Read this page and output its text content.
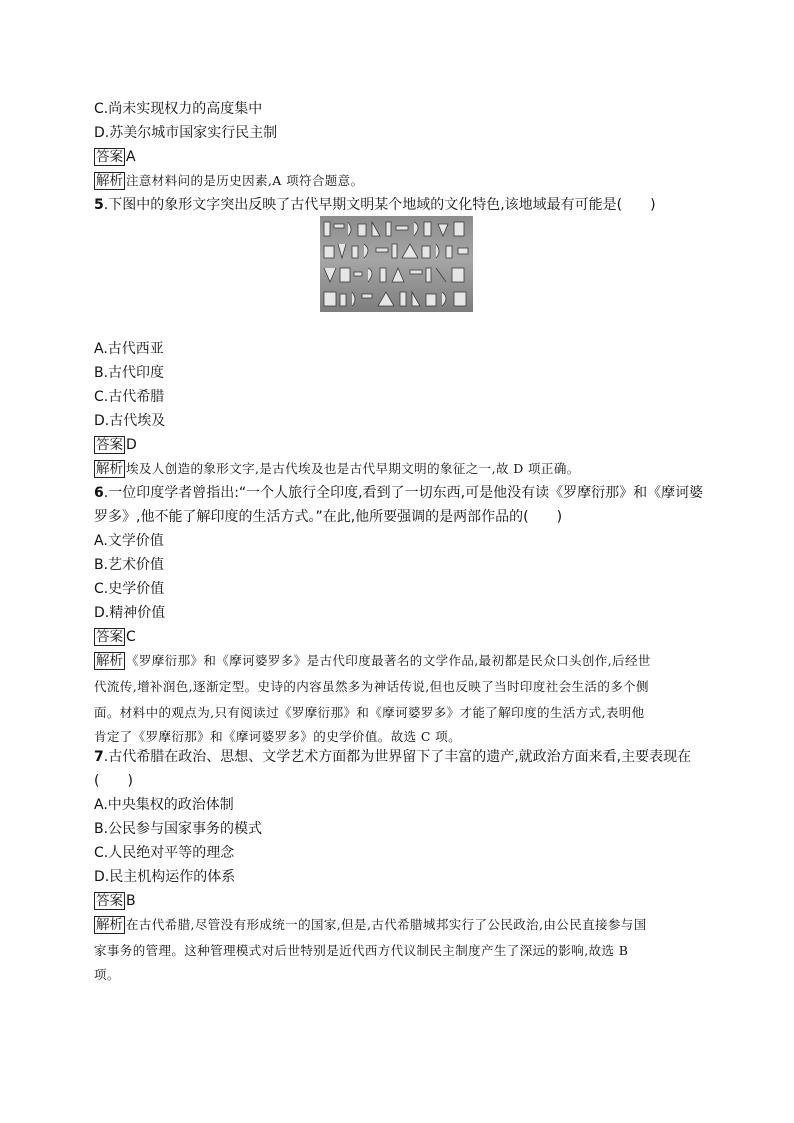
C.尚未实现权力的高度集中
D.苏美尔城市国家实行民主制
答案 A
解析 注意材料问的是历史因素,A 项符合题意。
5.下图中的象形文字突出反映了古代早期文明某个地域的文化特色,该地域最有可能是(　　)
A.古代西亚
B.古代印度
C.古代希腊
D.古代埃及
答案 D
解析 埃及人创造的象形文字,是古代埃及也是古代早期文明的象征之一,故 D 项正确。
6.一位印度学者曾指出:“一个人旅行全印度,看到了一切东西,可是他没有读《罗摩衍那》和《摩诃婆
罗多》,他不能了解印度的生活方式。”在此,他所要强调的是两部作品的(　　)
A.文学价值
B.艺术价值
C.史学价值
D.精神价值
答案 C
解析 《罗摩衍那》和《摩诃婆罗多》是古代印度最著名的文学作品,最初都是民众口头创作,后经世
代流传,增补润色,逐渐定型。史诗的内容虽然多为神话传说,但也反映了当时印度社会生活的多个侧
面。材料中的观点为,只有阅读过《罗摩衍那》和《摩诃婆罗多》才能了解印度的生活方式,表明他
肯定了《罗摩衍那》和《摩诃婆罗多》的史学价值。故选 C 项。
7.古代希腊在政治、思想、文学艺术方面都为世界留下了丰富的遗产,就政治方面来看,主要表现在
(　　)
A.中央集权的政治体制
B.公民参与国家事务的模式
C.人民绝对平等的理念
D.民主机构运作的体系
答案 B
解析 在古代希腊,尽管没有形成统一的国家,但是,古代希腊城邦实行了公民政治,由公民直接参与国
家事务的管理。这种管理模式对后世特别是近代西方代议制民主制度产生了深远的影响,故选 B
项。
